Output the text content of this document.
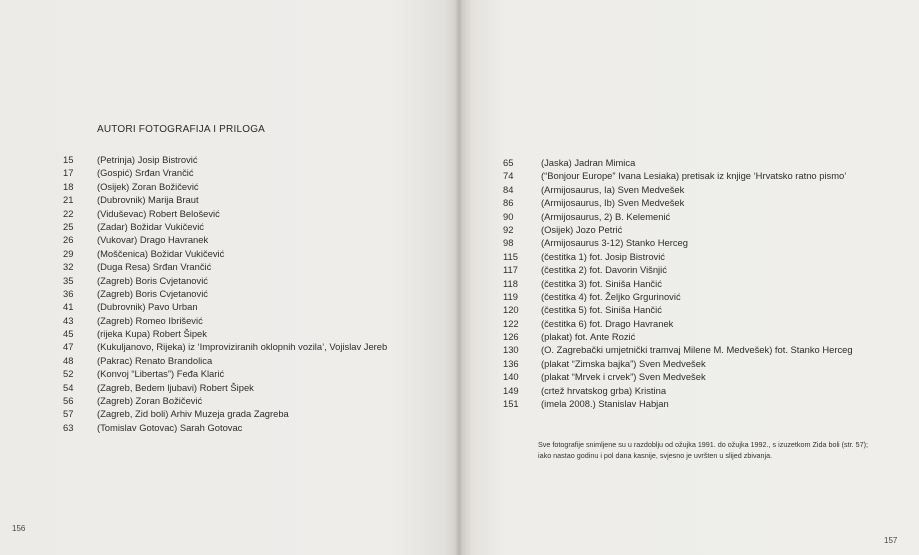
AUTORI FOTOGRAFIJA I PRILOGA
15	(Petrinja) Josip Bistrović
17	(Gospić) Srđan Vrančić
18	(Osijek) Zoran Božičević
21	(Dubrovnik) Marija Braut
22	(Viduševac) Robert Belošević
25	(Zadar) Božidar Vukičević
26	(Vukovar) Drago Havranek
29	(Moščenica) Božidar Vukičević
32	(Duga Resa) Srđan Vrančić
35	(Zagreb) Boris Cvjetanović
36	(Zagreb) Boris Cvjetanović
41	(Dubrovnik) Pavo Urban
43	(Zagreb) Romeo Ibrišević
45	(rijeka Kupa) Robert Šipek
47	(Kukuljanovo, Rijeka) iz ‘Improviziranih oklopnih vozila’, Vojislav Jereb
48	(Pakrac) Renato Brandolica
52	(Konvoj “Libertas”) Feđa Klarić
54	(Zagreb, Bedem ljubavi) Robert Šipek
56	(Zagreb) Zoran Božičević
57	(Zagreb, Zid boli) Arhiv Muzeja grada Zagreba
63	(Tomislav Gotovac) Sarah Gotovac
65	(Jaska) Jadran Mimica
74	(“Bonjour Europe” Ivana Lesiaka) pretisak iz knjige ‘Hrvatsko ratno pismo’
84	(Armijosaurus, Ia) Sven Medvešek
86	(Armijosaurus, Ib) Sven Medvešek
90	(Armijosaurus, 2) B. Kelemenić
92	(Osijek) Jozo Petrić
98	(Armijosaurus 3-12) Stanko Herceg
115	(čestitka 1) fot. Josip Bistrović
117	(čestitka 2) fot. Davorin Višnjić
118	(čestitka 3) fot. Siniša Hančić
119	(čestitka 4) fot. Željko Grgurinović
120	(čestitka 5) fot. Siniša Hančić
122	(čestitka 6) fot. Drago Havranek
126	(plakat) fot. Ante Rozić
130	(O. Zagrebački umjetnički tramvaj Milene M. Medvešek) fot. Stanko Herceg
136	(plakat “Zimska bajka”) Sven Medvešek
140	(plakat “Mrvek i crvek”) Sven Medvešek
149	(crtež hrvatskog grba) Kristina
151	(imela 2008.) Stanislav Habjan
Sve fotografije snimljene su u razdoblju od ožujka 1991. do ožujka 1992., s izuzetkom Zida boli (str. 57); iako nastao godinu i pol dana kasnije, svjesno je uvršten u slijed zbivanja.
156
157
